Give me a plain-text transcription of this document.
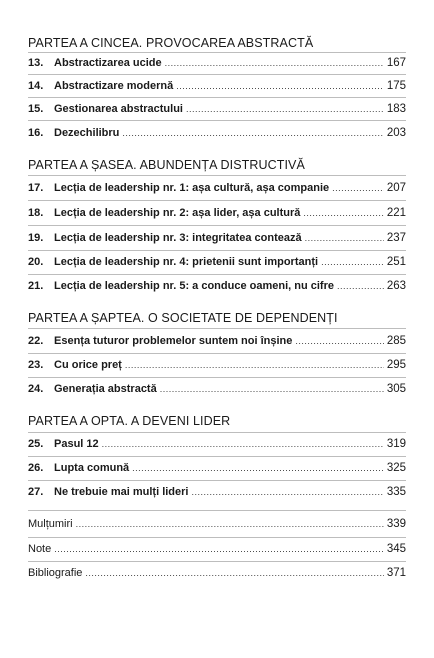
PARTEA A CINCEA. PROVOCAREA ABSTRACTĂ
13. Abstractizarea ucide .....	167
14. Abstractizare modernă .....	175
15. Gestionarea abstractului .....	183
16. Dezechilibru .....	203
PARTEA A ȘASEA. ABUNDENȚA DISTRUCTIVĂ
17. Lecția de leadership nr. 1: așa cultură, așa companie .....	207
18. Lecția de leadership nr. 2: așa lider, așa cultură .....	221
19. Lecția de leadership nr. 3: integritatea contează .....	237
20. Lecția de leadership nr. 4: prietenii sunt importanți .....	251
21. Lecția de leadership nr. 5: a conduce oameni, nu cifre .....	263
PARTEA A ȘAPTEA. O SOCIETATE DE DEPENDENȚI
22. Esența tuturor problemelor suntem noi înșine .....	285
23. Cu orice preț .....	295
24. Generația abstractă .....	305
PARTEA A OPTA. A DEVENI LIDER
25. Pasul 12 .....	319
26. Lupta comună .....	325
27. Ne trebuie mai mulți lideri .....	335
Mulțumiri .....	339
Note .....	345
Bibliografie .....	371
